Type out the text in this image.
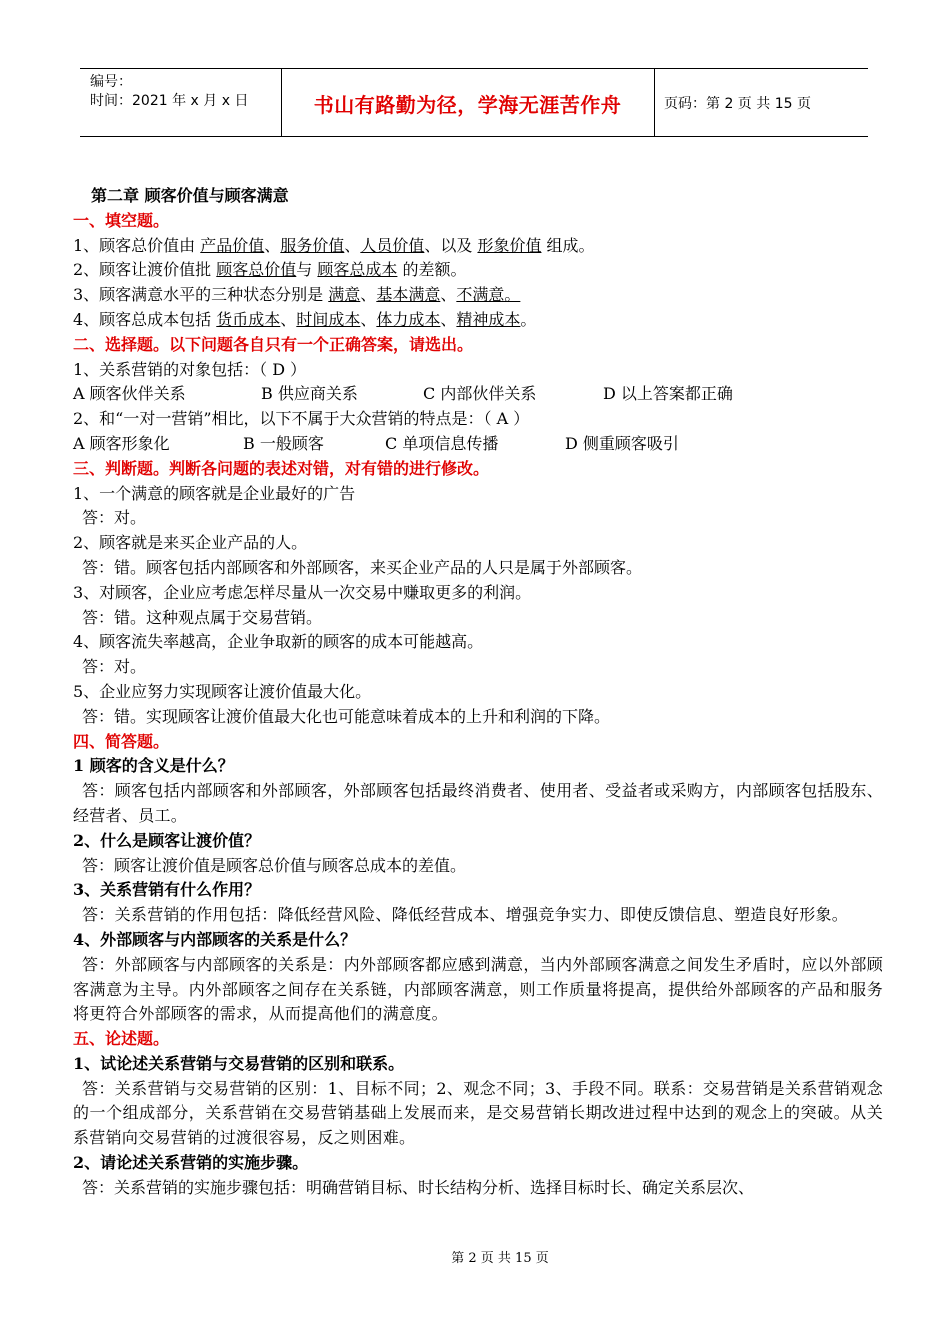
编号：
时间：2021 年 x 月 x 日	书山有路勤为径，学海无涯苦作舟	页码：第 2 页 共 15 页

第二章 顾客价值与顾客满意

一、填空题。

1、顾客总价值由 产品价值、服务价值、人员价值、以及 形象价值 组成。

2、顾客让渡价值批 顾客总价值与 顾客总成本 的差额。

3、顾客满意水平的三种状态分别是 满意、基本满意、不满意。

4、顾客总成本包括 货币成本、时间成本、体力成本、精神成本。

二、选择题。以下问题各自只有一个正确答案，请选出。

1、关系营销的对象包括：（ D ）

A 顾客伙伴关系	B 供应商关系	C 内部伙伴关系	D 以上答案都正确

2、和“一对一营销”相比，以下不属于大众营销的特点是：（ A ）

A 顾客形象化	B 一般顾客	C 单项信息传播	D 侧重顾客吸引

三、判断题。判断各问题的表述对错，对有错的进行修改。

1、一个满意的顾客就是企业最好的广告

答：对。

2、顾客就是来买企业产品的人。

答：错。顾客包括内部顾客和外部顾客，来买企业产品的人只是属于外部顾客。

3、对顾客，企业应考虑怎样尽量从一次交易中赚取更多的利润。

答：错。这种观点属于交易营销。

4、顾客流失率越高，企业争取新的顾客的成本可能越高。

答：对。

5、企业应努力实现顾客让渡价值最大化。

答：错。实现顾客让渡价值最大化也可能意味着成本的上升和利润的下降。

四、简答题。

1 顾客的含义是什么？

答：顾客包括内部顾客和外部顾客，外部顾客包括最终消费者、使用者、受益者或采购方，内部顾客包括股东、经营者、员工。

2、什么是顾客让渡价值？

答：顾客让渡价值是顾客总价值与顾客总成本的差值。

3、关系营销有什么作用？

答：关系营销的作用包括：降低经营风险、降低经营成本、增强竞争实力、即使反馈信息、塑造良好形象。

4、外部顾客与内部顾客的关系是什么？

答：外部顾客与内部顾客的关系是：内外部顾客都应感到满意，当内外部顾客满意之间发生矛盾时，应以外部顾客满意为主导。内外部顾客之间存在关系链，内部顾客满意，则工作质量将提高，提供给外部顾客的产品和服务将更符合外部顾客的需求，从而提高他们的满意度。

五、论述题。

1、试论述关系营销与交易营销的区别和联系。

答：关系营销与交易营销的区别：1、目标不同；2、观念不同；3、手段不同。联系：交易营销是关系营销观念的一个组成部分，关系营销在交易营销基础上发展而来，是交易营销长期改进过程中达到的观念上的突破。从关系营销向交易营销的过渡很容易，反之则困难。

2、请论述关系营销的实施步骤。

答：关系营销的实施步骤包括：明确营销目标、时长结构分析、选择目标时长、确定关系层次、

第 2 页 共 15 页
